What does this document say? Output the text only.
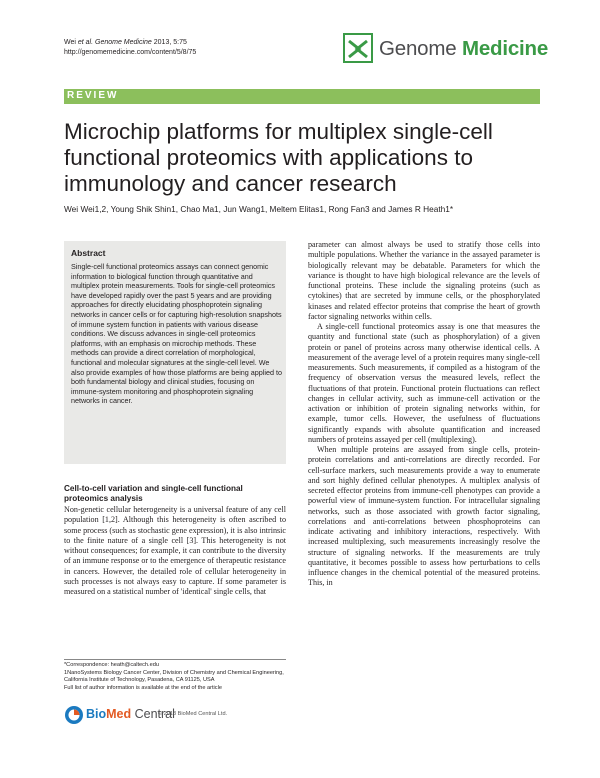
Wei et al. Genome Medicine 2013, 5:75
http://genomemedicine.com/content/5/8/75	Genome Medicine
REVIEW
Microchip platforms for multiplex single-cell functional proteomics with applications to immunology and cancer research
Wei Wei1,2, Young Shik Shin1, Chao Ma1, Jun Wang1, Meltem Elitas1, Rong Fan3 and James R Heath1*
Abstract

Single-cell functional proteomics assays can connect genomic information to biological function through quantitative and multiplex protein measurements. Tools for single-cell proteomics have developed rapidly over the past 5 years and are providing approaches for directly elucidating phosphoprotein signaling networks in cancer cells or for capturing high-resolution snapshots of immune system function in patients with various disease conditions. We discuss advances in single-cell proteomics platforms, with an emphasis on microchip methods. These methods can provide a direct correlation of morphological, functional and molecular signatures at the single-cell level. We also provide examples of how those platforms are being applied to both fundamental biology and clinical studies, focusing on immune-system monitoring and phosphoprotein signaling networks in cancer.

Cell-to-cell variation and single-cell functional proteomics analysis

Non-genetic cellular heterogeneity is a universal feature of any cell population [1,2]. Although this heterogeneity is often ascribed to some process (such as stochastic gene expression), it is also intrinsic to the finite nature of a single cell [3]. This heterogeneity is not without consequences; for example, it can contribute to the diversity of an immune response or to the emergence of therapeutic resistance in cancers. However, the detailed role of cellular heterogeneity in such processes is not always easy to capture. If some parameter is measured on a statistical number of 'identical' single cells, that

parameter can almost always be used to stratify those cells into multiple populations. Whether the variance in the assayed parameter is biologically relevant may be debatable. Parameters for which the variance is thought to have high biological relevance are the levels of functional proteins. These include the signaling proteins (such as cytokines) that are secreted by immune cells, or the phosphorylated kinases and related effector proteins that comprise the heart of growth factor signaling networks within cells.

A single-cell functional proteomics assay is one that measures the quantity and functional state (such as phosphorylation) of a given protein or panel of proteins across many otherwise identical cells. A measurement of the average level of a protein requires many single-cell measurements. Such measurements, if compiled as a histogram of the frequency of observation versus the measured levels, reflect the fluctuations of that protein. Functional protein fluctuations can reflect changes in cellular activity, such as immune-cell activation or the activation or inhibition of protein signaling networks within, for example, tumor cells. However, the usefulness of fluctuations significantly expands with absolute quantification and increased numbers of proteins assayed per cell (multiplexing).

When multiple proteins are assayed from single cells, protein-protein correlations and anti-correlations are directly recorded. For cell-surface markers, such measurements provide a way to enumerate and sort highly defined cellular phenotypes. A multiplex analysis of secreted effector proteins from immune-cell phenotypes can provide a powerful view of immune-system function. For intracellular signaling networks, such as those associated with growth factor signaling, correlations and anti-correlations between phosphoproteins can indicate activating and inhibitory interactions, respectively. With increased multiplexing, such measurements increasingly resolve the structure of signaling networks. If the measurements are truly quantitative, it becomes possible to assess how perturbations to cells influence changes in the chemical potential of the measured proteins. This, in

*Correspondence: heath@caltech.edu

1NanoSystems Biology Cancer Center, Division of Chemistry and Chemical Engineering, California Institute of Technology, Pasadena, CA 91125, USA

Full list of author information is available at the end of the article

BioMed Central
© 2013 BioMed Central Ltd.
